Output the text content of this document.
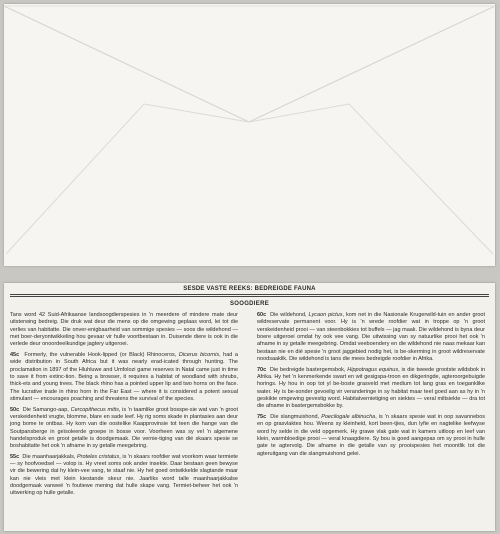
SESDE VASTE REEKS: BEDREIGDE FAUNA
SOOGDIERE

Tans word 42 Suid-Afrikaanse landsoogdierspesies in 'n meerdere of mindere mate deur uitsterwing bedreig. Die druk wat deur die mens op die omgewing geplaas word, lei tot die verlies van habitatte. Die onver-enigbaarheid van sommige spesies — soos die wildehond — met boer-deryontwikkeling hou gevaar vir hulle voortbestaan in. Duisende diere is ook in die verlede deur onoordeelkundige jagtery uitgeroei.

45c Formerly, the vulnerable Hook-lipped (or Black) Rhinoceros, Dicerus bicornis, had a wide distribution in South Africa but it was nearly erad-icated through hunting. The proclamation in 1897 of the Hluhluwe and Umfolozi game reserves in Natal came just in time to save it from extinc-tion. Being a browser, it requires a habitat of woodland with shrubs, thick-ets and young trees. The black rhino has a pointed upper lip and two horns on the face. The lucrative trade in rhino horn in the Far East — where it is considered a potent sexual stimulant — encourages poaching and threatens the survival of the species.

50c Die Samango-aap, Cercopithecus mitis, is 'n taamlike groot bosspe-sie wat van 'n groot verskeidenheid vrugte, blomme, blare en sade leef. Hy rig soms skade in plantasies aan deur jong bome te ontbas. Hy kom van die oostelike Kaapprovinsie tot teen die hange van die Soutpansberge in geïsoleerde groepe in bosse voor. Voorheen was sy vel 'n algemene handelsproduk en groot getalle is doodgemaak. Die vernie-tiging van dié skaars spesie se boshabitatte het ook 'n afname in sy getalle meegebring.

55c Die maanhaarjakkals, Proteles cristatus, is 'n skaars roofdier wat voorkom waar termiete — sy hoofvoedsel — volop is. Hy vreet soms ook ander insekte. Daar bestaan geen bewyse vir die bewering dat hy klein-vee vang, te staaf nie. Hy het goed ontwikkelde slagtande maar kan nie vleis met klein kiestande skeur nie. Jaarliks word talle maanhaarjakkalse doodgemaak vanweë 'n foutiewe mening dat hulle skape vang. Termiet-beheer het ook 'n uitwerking op hulle getalle.

60c Die wildehond, Lycaon pictus, kom net in die Nasionale Krugerwild-tuin en ander groot wildreservate permanent voor. Hy is 'n wrede roofdier wat in troppe op 'n groot verskeidenheid prooi — van steenbokkies tot buffels — jag maak. Die wildehond is byna deur boere uitgeroei omdat hy ook vee vang. Die uitwissing van sy natuurlike prooi het ook 'n afname in sy getalle meegebring. Omdat veeboendery en die wildehond nie naas mekaar kan bestaan nie en dié spesie 'n groot jaggebied nodig het, is be-skerming in groot wildreservate noodsaaklik. Die wildehond is tans die mees bedreigde roofdier in Afrika.

70c Die bedreigde bastergemsbok, Hippotragus equinus, is die tweede grootste wildsbok in Afrika. Hy het 'n kenmerkende swart en wit gesigspa-troon en dikgeringde, agteroorgebuigde horings. Hy hou in oop tot yl be-boste grasveld met medium tot lang gras en toeganklike water. Hy is be-sonder gevoelig vir veranderinge in sy habitat maar teel goed aan as hy in 'n geskikte omgewing gevestig word. Habitatvernietiging en siektes — veral miltsiekte — dra tot die afname in bastergemsbokke by.

75c Die slangmuishond, Poecilogale albinucha, is 'n skaars spesie wat in oop savannebos en op grasvlaktes hou. Weens sy kleinheid, kort been-tjies, dun lyfie en nagtelike leefwyse word hy selde in die veld opgemerk. Hy grawe vlak gate wat in kamers uitloop en leef van klein, warmbloedige prooi — veral knaagdiere. Sy bou is goed aangepas om sy prooi in hulle gate te agtervolg. Die afname in die getalle van sy prooispesies het moontlik tot die agteruitgang van die slangmuishond gelei.
